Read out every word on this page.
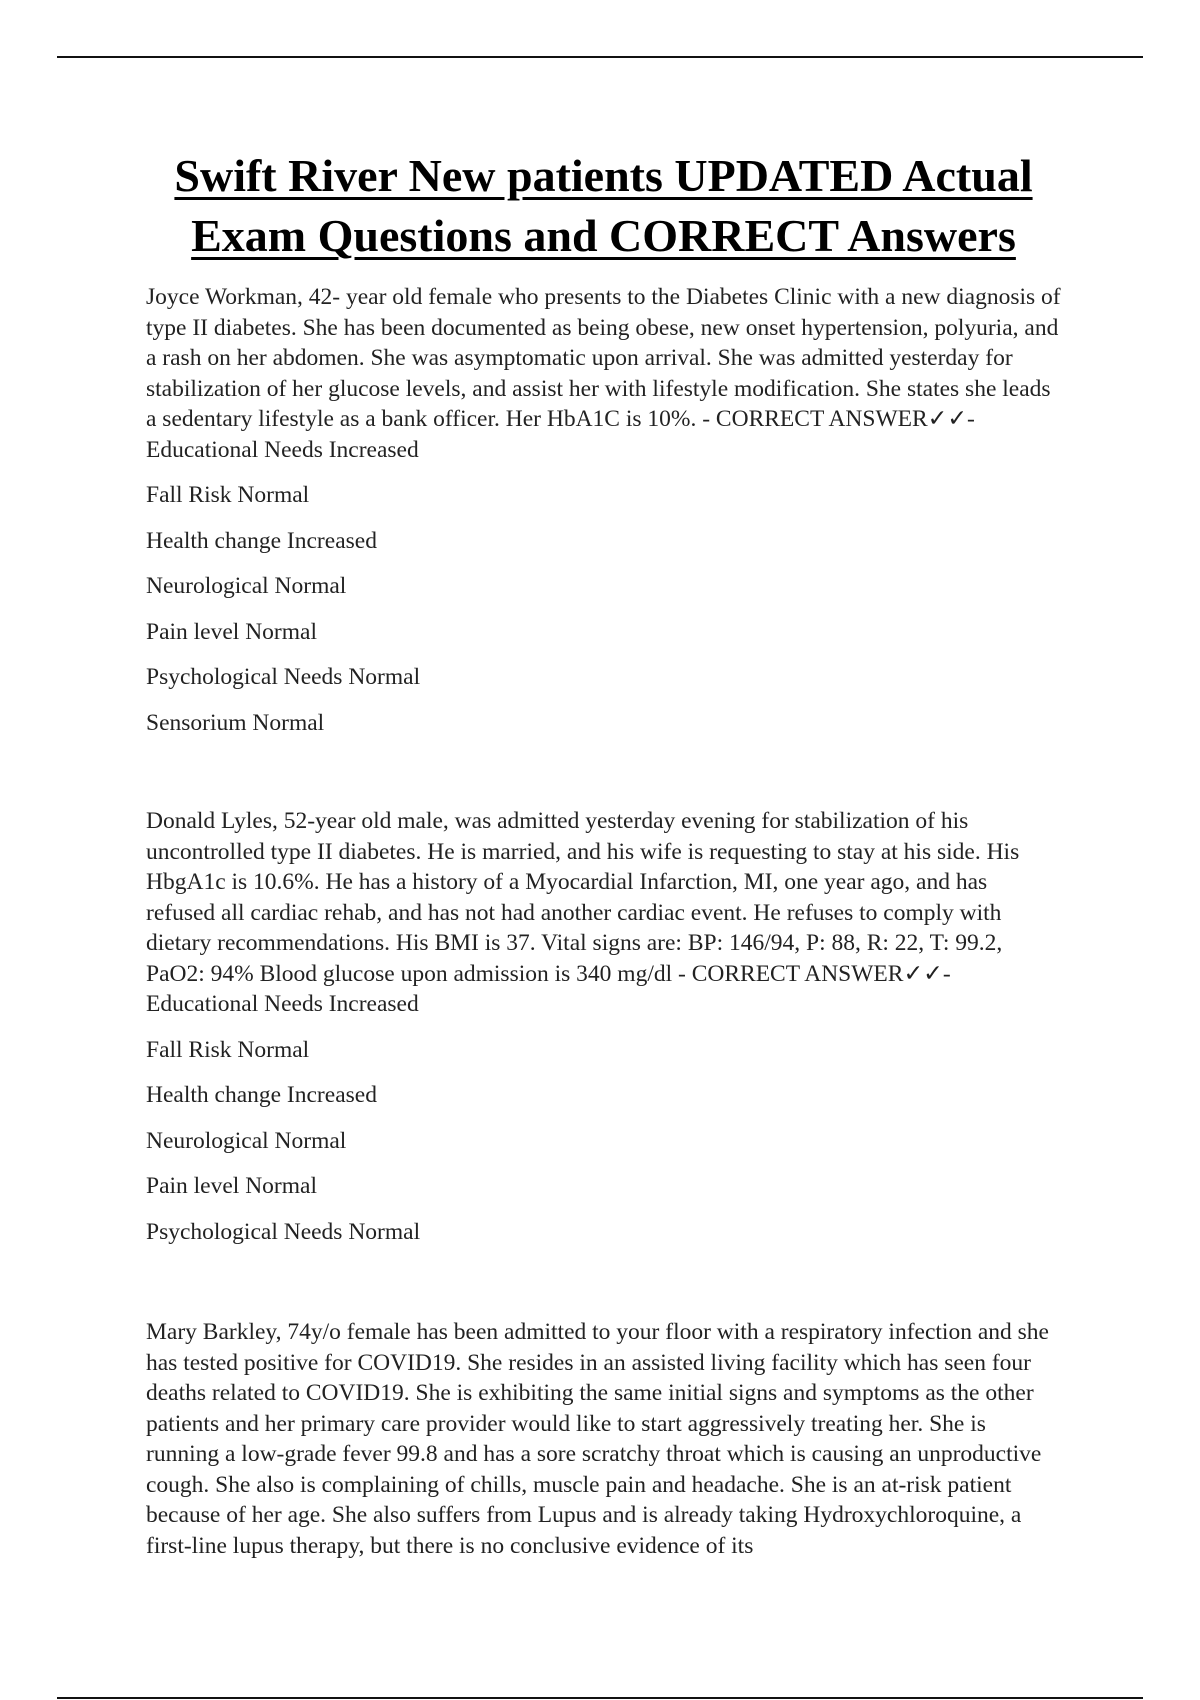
Swift River New patients UPDATED Actual
Exam Questions and CORRECT Answers

Joyce Workman, 42- year old female who presents to the Diabetes Clinic with a new diagnosis of type II diabetes. She has been documented as being obese, new onset hypertension, polyuria, and a rash on her abdomen. She was asymptomatic upon arrival. She was admitted yesterday for stabilization of her glucose levels, and assist her with lifestyle modification. She states she leads a sedentary lifestyle as a bank officer. Her HbA1C is 10%. - CORRECT ANSWER✓✓- Educational Needs Increased

Fall Risk Normal

Health change Increased

Neurological Normal

Pain level Normal

Psychological Needs Normal

Sensorium Normal

Donald Lyles, 52-year old male, was admitted yesterday evening for stabilization of his uncontrolled type II diabetes. He is married, and his wife is requesting to stay at his side. His HbgA1c is 10.6%. He has a history of a Myocardial Infarction, MI, one year ago, and has refused all cardiac rehab, and has not had another cardiac event. He refuses to comply with dietary recommendations. His BMI is 37. Vital signs are: BP: 146/94, P: 88, R: 22, T: 99.2, PaO2: 94% Blood glucose upon admission is 340 mg/dl - CORRECT ANSWER✓✓- Educational Needs Increased

Fall Risk Normal

Health change Increased

Neurological Normal

Pain level Normal

Psychological Needs Normal

Mary Barkley, 74y/o female has been admitted to your floor with a respiratory infection and she has tested positive for COVID19. She resides in an assisted living facility which has seen four deaths related to COVID19. She is exhibiting the same initial signs and symptoms as the other patients and her primary care provider would like to start aggressively treating her. She is running a low-grade fever 99.8 and has a sore scratchy throat which is causing an unproductive cough. She also is complaining of chills, muscle pain and headache. She is an at-risk patient because of her age. She also suffers from Lupus and is already taking Hydroxychloroquine, a first-line lupus therapy, but there is no conclusive evidence of its
